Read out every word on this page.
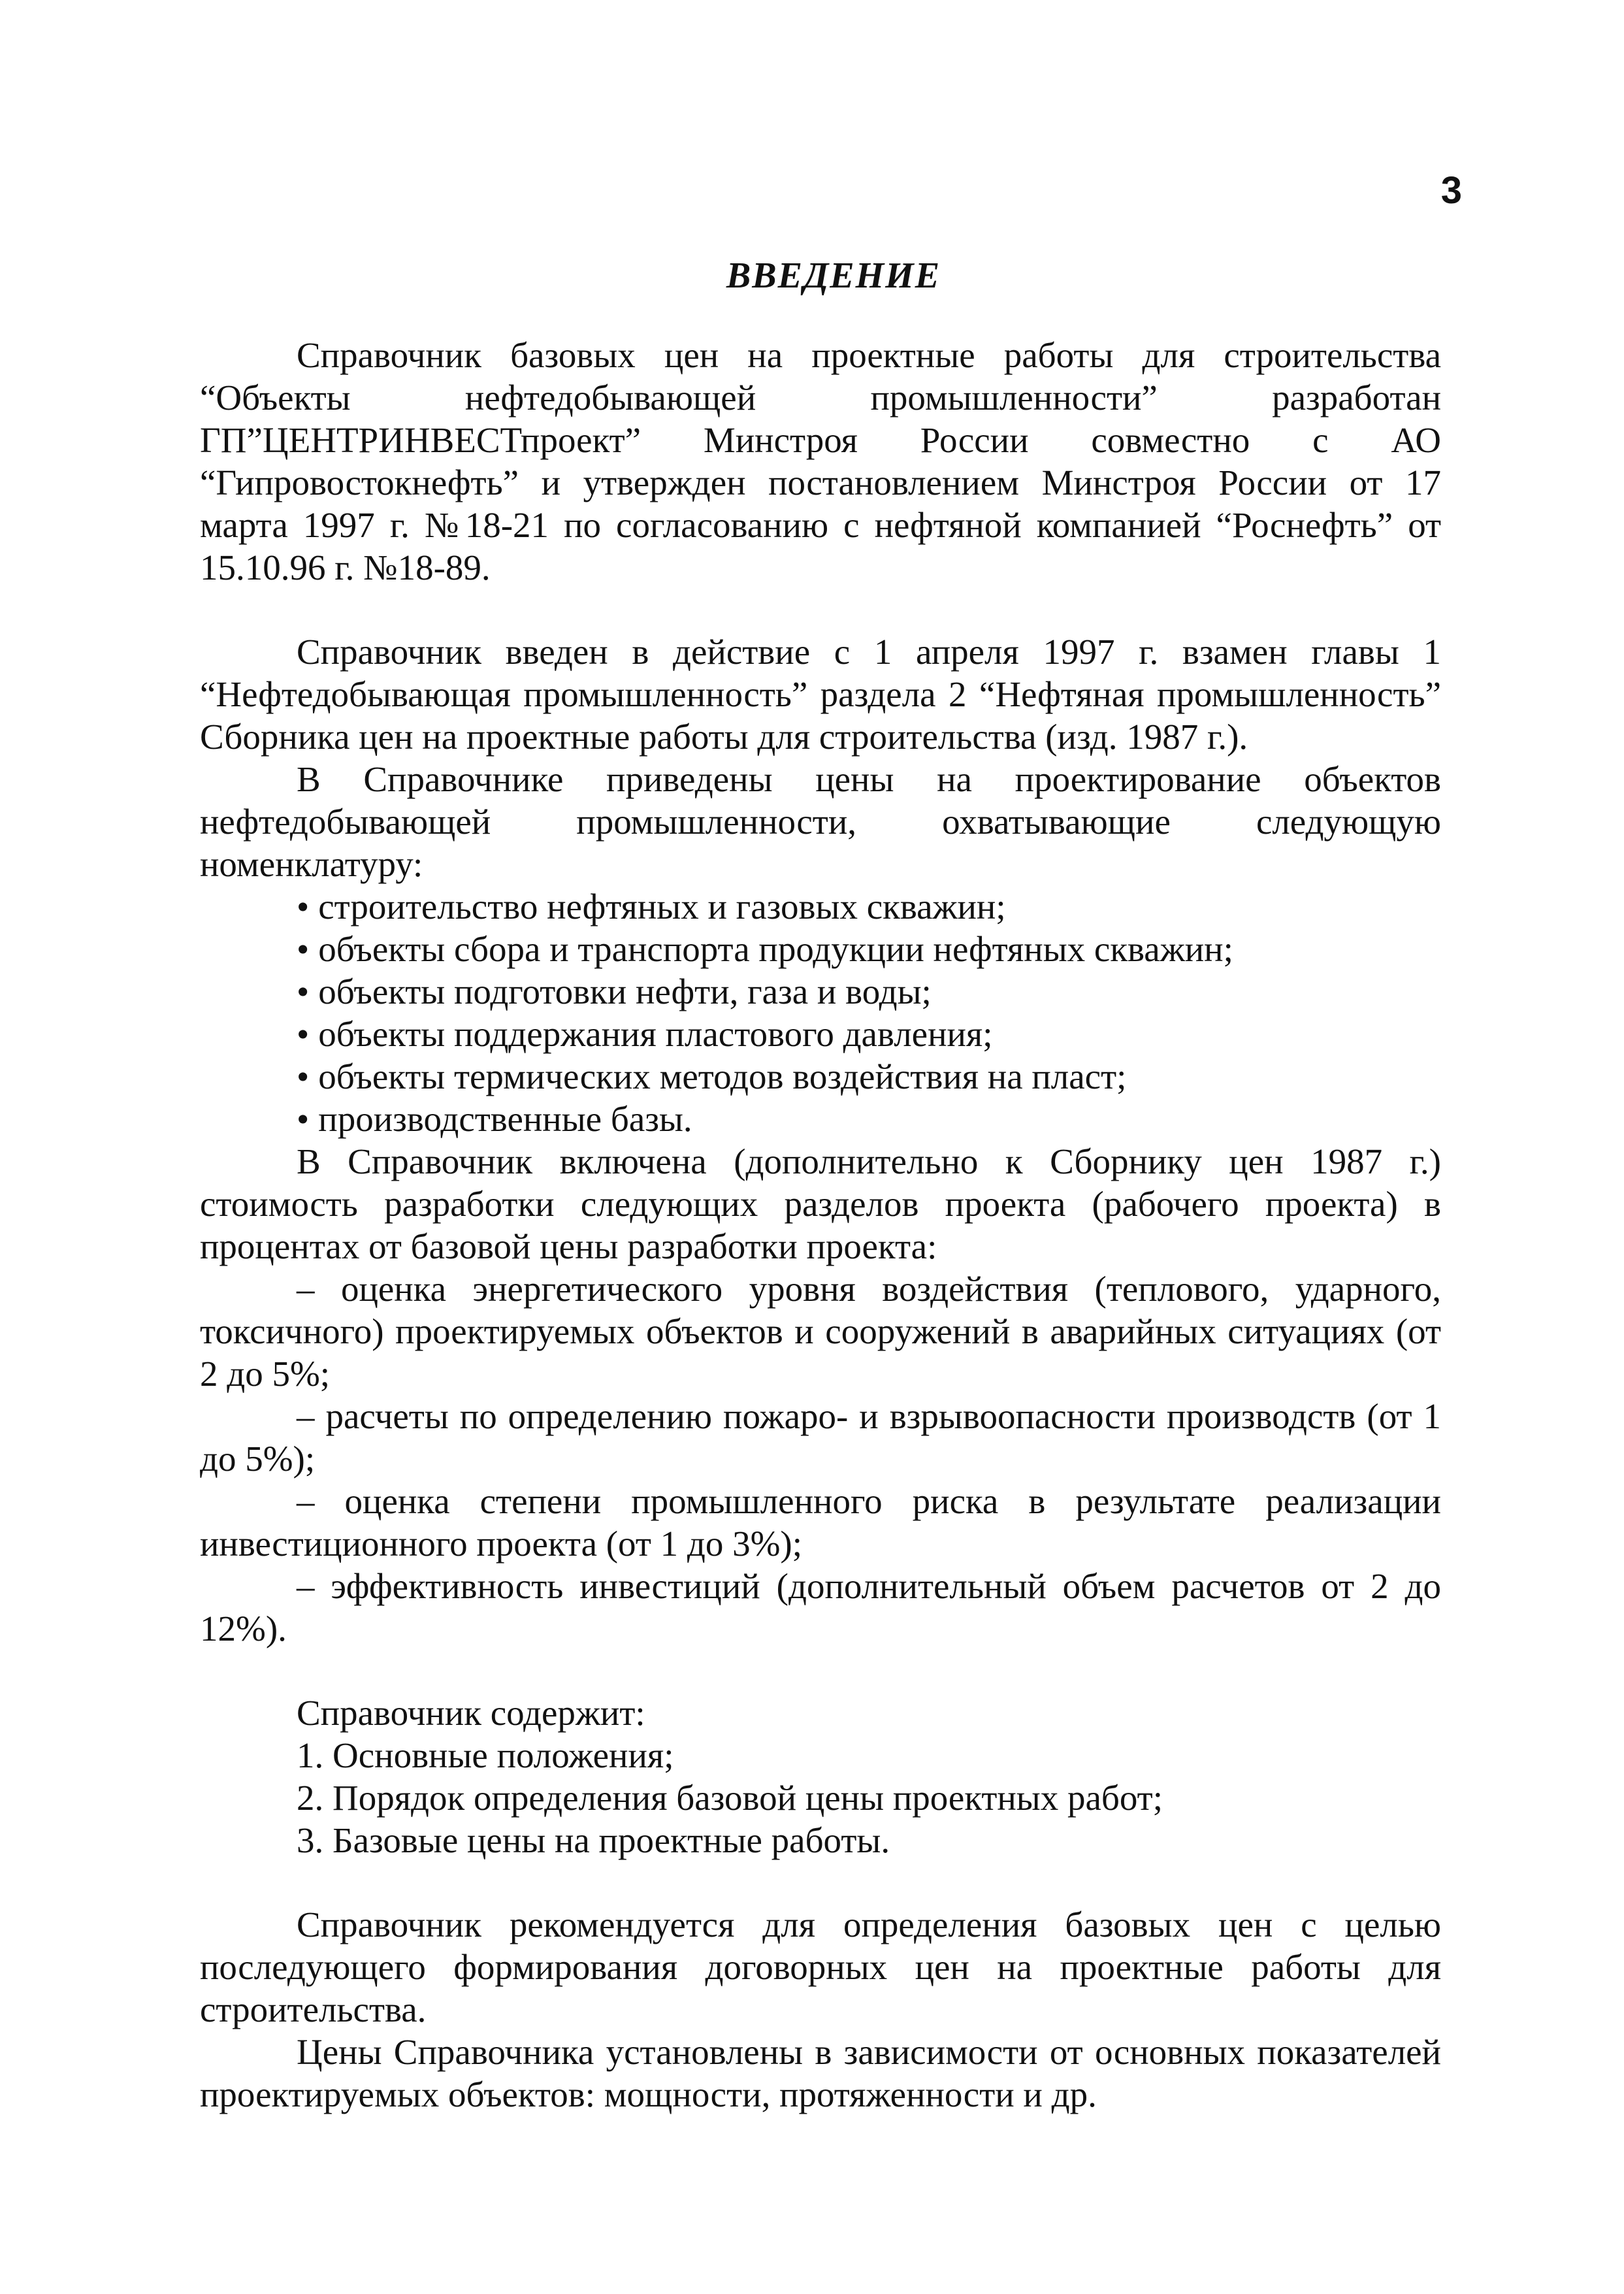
3
ВВЕДЕНИЕ

Справочник базовых цен на проектные работы для строительства “Объекты нефтедобывающей промышленности” разработан ГП”ЦЕНТРИНВЕСТпроект” Минстроя России совместно с АО “Гипровостокнефть” и утвержден постановлением Минстроя России от 17 марта 1997 г. №18-21 по согласованию с нефтяной компанией “Роснефть” от 15.10.96 г. №18-89.

Справочник введен в действие с 1 апреля 1997 г. взамен главы 1 “Нефтедобывающая промышленность” раздела 2 “Нефтяная промышленность” Сборника цен на проектные работы для строительства (изд. 1987 г.).

В Справочнике приведены цены на проектирование объектов нефтедобывающей промышленности, охватывающие следующую номенклатуру:

• строительство нефтяных и газовых скважин;
• объекты сбора и транспорта продукции нефтяных скважин;
• объекты подготовки нефти, газа и воды;
• объекты поддержания пластового давления;
• объекты термических методов воздействия на пласт;
• производственные базы.

В Справочник включена (дополнительно к Сборнику цен 1987 г.) стоимость разработки следующих разделов проекта (рабочего проекта) в процентах от базовой цены разработки проекта:

– оценка энергетического уровня воздействия (теплового, ударного, токсичного) проектируемых объектов и сооружений в аварийных ситуациях (от 2 до 5%;

– расчеты по определению пожаро- и взрывоопасности производств (от 1 до 5%);

– оценка степени промышленного риска в результате реализации инвестиционного проекта (от 1 до 3%);

– эффективность инвестиций (дополнительный объем расчетов от 2 до 12%).

Справочник содержит:

1. Основные положения;
2. Порядок определения базовой цены проектных работ;
3. Базовые цены на проектные работы.

Справочник рекомендуется для определения базовых цен с целью последующего формирования договорных цен на проектные работы для строительства.

Цены Справочника установлены в зависимости от основных показателей проектируемых объектов: мощности, протяженности и др.
